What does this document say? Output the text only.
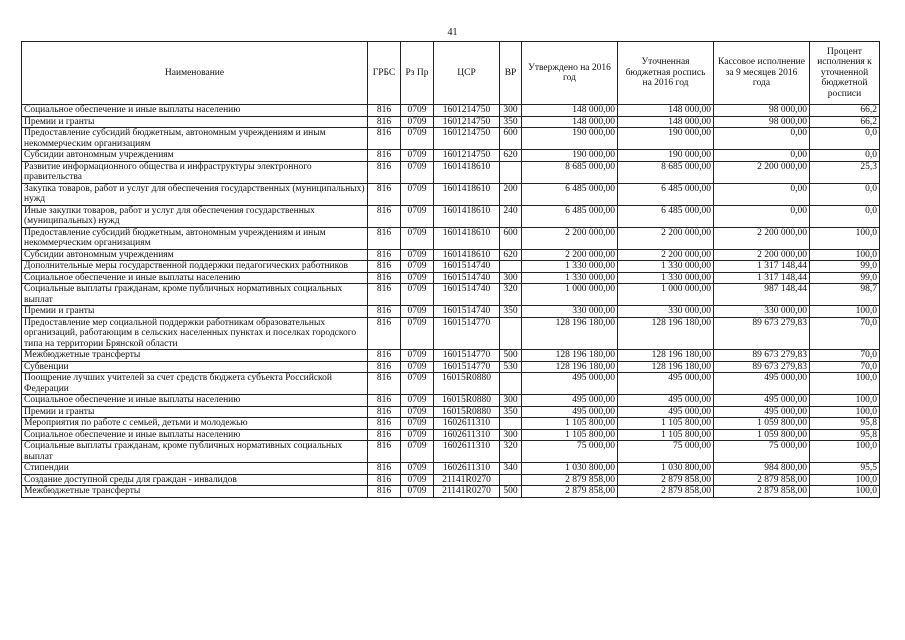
41
Наименование	ГРБС	Рз Пр	ЦСР	ВР	Утверждено на 2016 год	Уточненная бюджетная роспись на 2016 год	Кассовое исполнение за 9 месяцев 2016 года	Процент исполнения к уточненной бюджетной росписи
Социальное обеспечение и иные выплаты населению	816	0709	1601214750	300	148 000,00	148 000,00	98 000,00	66,2
Премии и гранты	816	0709	1601214750	350	148 000,00	148 000,00	98 000,00	66,2
Предоставление субсидий бюджетным, автономным учреждениям и иным некоммерческим организациям	816	0709	1601214750	600	190 000,00	190 000,00	0,00	0,0
Субсидии автономным учреждениям	816	0709	1601214750	620	190 000,00	190 000,00	0,00	0,0
Развитие информационного общества и инфраструктуры электронного правительства	816	0709	1601418610		8 685 000,00	8 685 000,00	2 200 000,00	25,3
Закупка товаров, работ и услуг для обеспечения государственных (муниципальных) нужд	816	0709	1601418610	200	6 485 000,00	6 485 000,00	0,00	0,0
Иные закупки товаров, работ и услуг для обеспечения государственных (муниципальных) нужд	816	0709	1601418610	240	6 485 000,00	6 485 000,00	0,00	0,0
Предоставление субсидий бюджетным, автономным учреждениям и иным некоммерческим организациям	816	0709	1601418610	600	2 200 000,00	2 200 000,00	2 200 000,00	100,0
Субсидии автономным учреждениям	816	0709	1601418610	620	2 200 000,00	2 200 000,00	2 200 000,00	100,0
Дополнительные меры государственной поддержки педагогических работников	816	0709	1601514740		1 330 000,00	1 330 000,00	1 317 148,44	99,0
Социальное обеспечение и иные выплаты населению	816	0709	1601514740	300	1 330 000,00	1 330 000,00	1 317 148,44	99,0
Социальные выплаты гражданам, кроме публичных нормативных социальных выплат	816	0709	1601514740	320	1 000 000,00	1 000 000,00	987 148,44	98,7
Премии и гранты	816	0709	1601514740	350	330 000,00	330 000,00	330 000,00	100,0
Предоставление мер социальной поддержки работникам образовательных организаций, работающим в сельских населенных пунктах и поселках городского типа на территории Брянской области	816	0709	1601514770		128 196 180,00	128 196 180,00	89 673 279,83	70,0
Межбюджетные трансферты	816	0709	1601514770	500	128 196 180,00	128 196 180,00	89 673 279,83	70,0
Субвенции	816	0709	1601514770	530	128 196 180,00	128 196 180,00	89 673 279,83	70,0
Поощрение лучших учителей за счет средств бюджета субъекта Российской Федерации	816	0709	16015R0880		495 000,00	495 000,00	495 000,00	100,0
Социальное обеспечение и иные выплаты населению	816	0709	16015R0880	300	495 000,00	495 000,00	495 000,00	100,0
Премии и гранты	816	0709	16015R0880	350	495 000,00	495 000,00	495 000,00	100,0
Мероприятия по работе с семьей, детьми и молодежью	816	0709	1602611310		1 105 800,00	1 105 800,00	1 059 800,00	95,8
Социальное обеспечение и иные выплаты населению	816	0709	1602611310	300	1 105 800,00	1 105 800,00	1 059 800,00	95,8
Социальные выплаты гражданам, кроме публичных нормативных социальных выплат	816	0709	1602611310	320	75 000,00	75 000,00	75 000,00	100,0
Стипендии	816	0709	1602611310	340	1 030 800,00	1 030 800,00	984 800,00	95,5
Создание доступной среды для граждан - инвалидов	816	0709	21141R0270		2 879 858,00	2 879 858,00	2 879 858,00	100,0
Межбюджетные трансферты	816	0709	21141R0270	500	2 879 858,00	2 879 858,00	2 879 858,00	100,0
